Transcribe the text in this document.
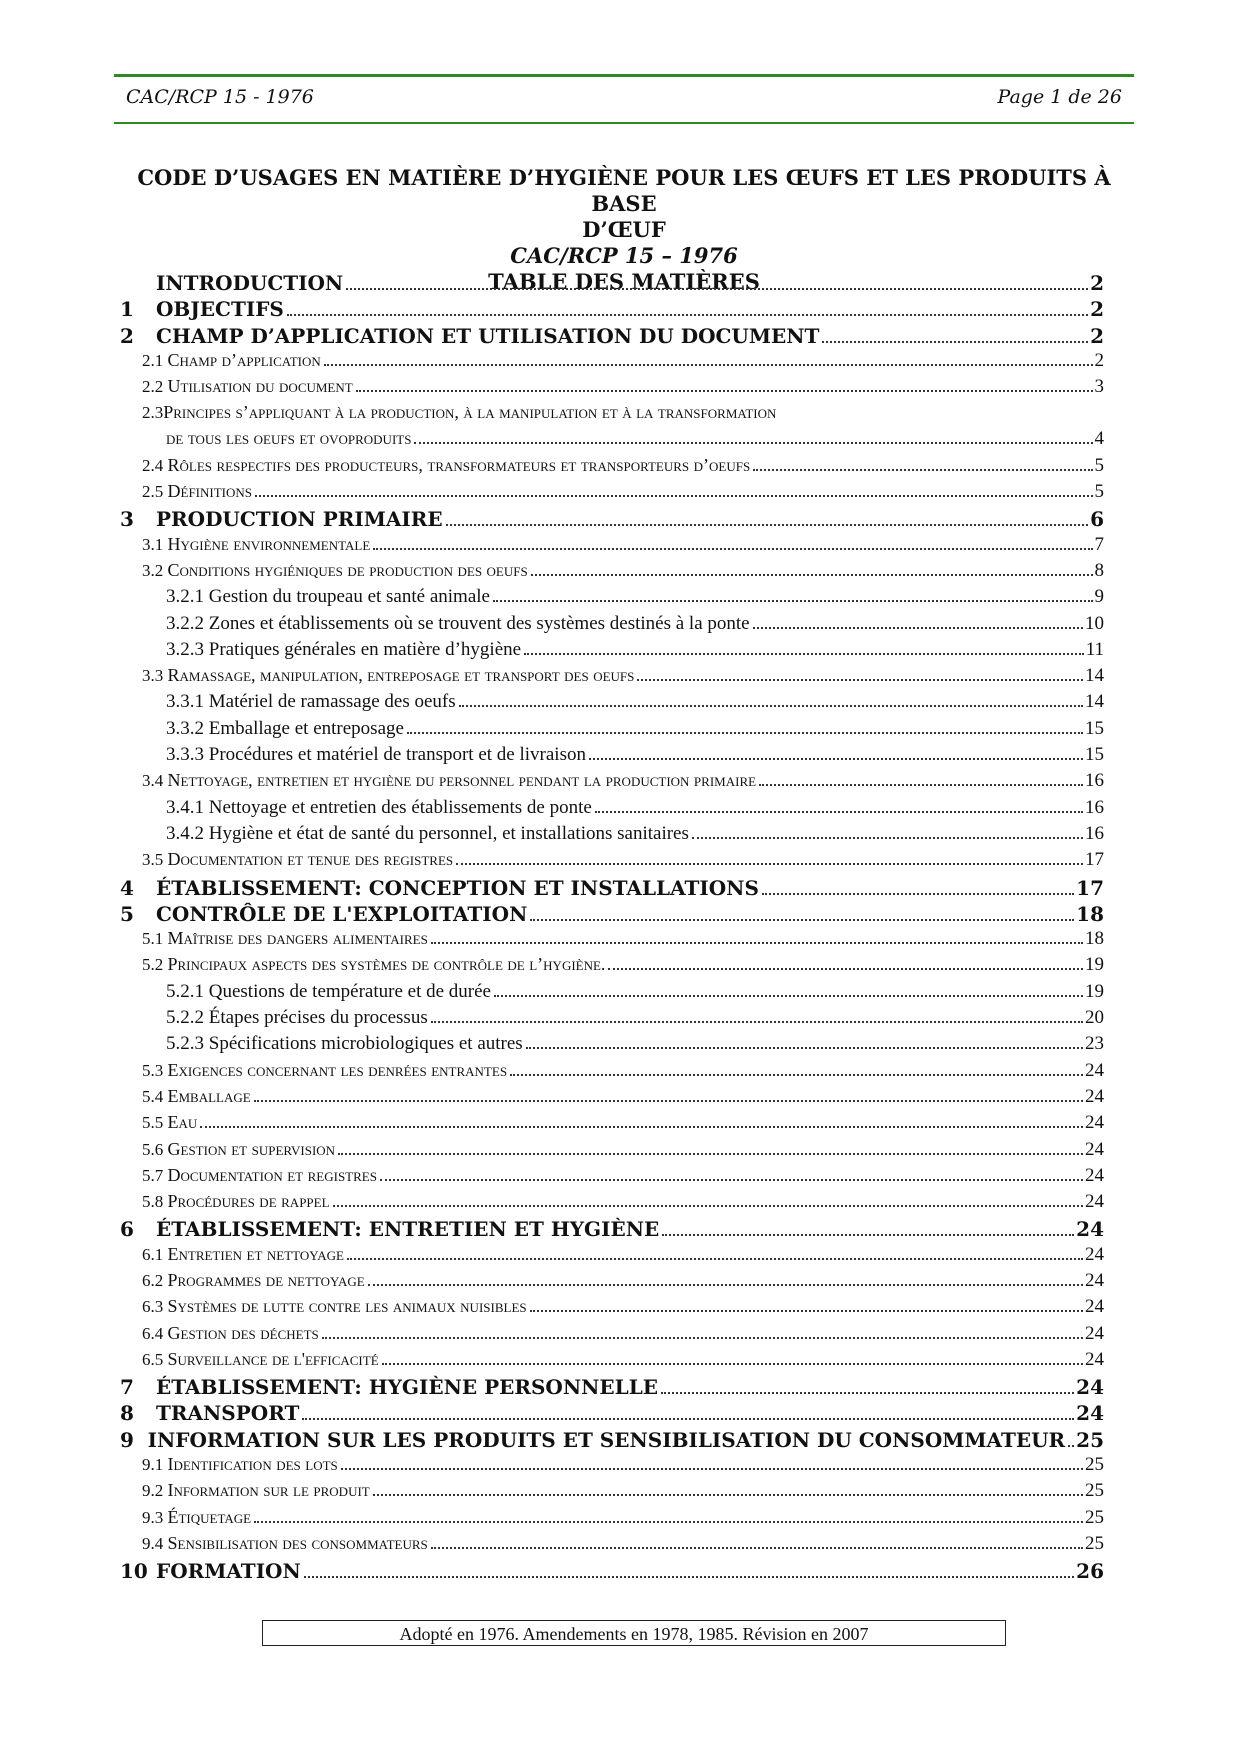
CAC/RCP 15 - 1976	Page 1 de 26
CODE D’USAGES EN MATIÈRE D’HYGIÈNE POUR LES ŒUFS ET LES PRODUITS À BASE
D’ŒUF
CAC/RCP 15 – 1976
TABLE DES MATIÈRES
INTRODUCTION	2
1	OBJECTIFS	2
2	CHAMP D’APPLICATION ET UTILISATION DU DOCUMENT	2
2.1 Champ d’application	2
2.2 Utilisation du document	3
2.3 Principes s’appliquant à la production, à la manipulation et à la transformation
de tous les oeufs et ovoproduits	4
2.4 Rôles respectifs des producteurs, transformateurs et transporteurs d’oeufs	5
2.5 Définitions	5
3	PRODUCTION PRIMAIRE	6
3.1 Hygiène environnementale	7
3.2 Conditions hygiéniques de production des oeufs	8
3.2.1 Gestion du troupeau et santé animale	9
3.2.2 Zones et établissements où se trouvent des systèmes destinés à la ponte	10
3.2.3 Pratiques générales en matière d’hygiène	11
3.3 Ramassage, manipulation, entreposage et transport des oeufs	14
3.3.1 Matériel de ramassage des oeufs	14
3.3.2 Emballage et entreposage	15
3.3.3 Procédures et matériel de transport et de livraison	15
3.4 Nettoyage, entretien et hygiène du personnel pendant la production primaire	16
3.4.1 Nettoyage et entretien des établissements de ponte	16
3.4.2 Hygiène et état de santé du personnel, et installations sanitaires	16
3.5 Documentation et tenue des registres	17
4	ÉTABLISSEMENT: CONCEPTION ET INSTALLATIONS	17
5	CONTRÔLE DE L'EXPLOITATION	18
5.1 Maîtrise des dangers alimentaires	18
5.2 Principaux aspects des systèmes de contrôle de l’hygiène.	19
5.2.1 Questions de température et de durée	19
5.2.2 Étapes précises du processus	20
5.2.3 Spécifications microbiologiques et autres	23
5.3 Exigences concernant les denrées entrantes	24
5.4 Emballage	24
5.5 Eau	24
5.6 Gestion et supervision	24
5.7 Documentation et registres	24
5.8 Procédures de rappel	24
6	ÉTABLISSEMENT: ENTRETIEN ET HYGIÈNE	24
6.1 Entretien et nettoyage	24
6.2 Programmes de nettoyage	24
6.3 Systèmes de lutte contre les animaux nuisibles	24
6.4 Gestion des déchets	24
6.5 Surveillance de l'efficacité	24
7	ÉTABLISSEMENT: HYGIÈNE PERSONNELLE	24
8	TRANSPORT	24
9 INFORMATION SUR LES PRODUITS ET SENSIBILISATION DU CONSOMMATEUR 25
9.1 Identification des lots	25
9.2 Information sur le produit	25
9.3 Étiquetage	25
9.4 Sensibilisation des consommateurs	25
10 FORMATION	26
Adopté en 1976. Amendements en 1978, 1985. Révision en 2007
